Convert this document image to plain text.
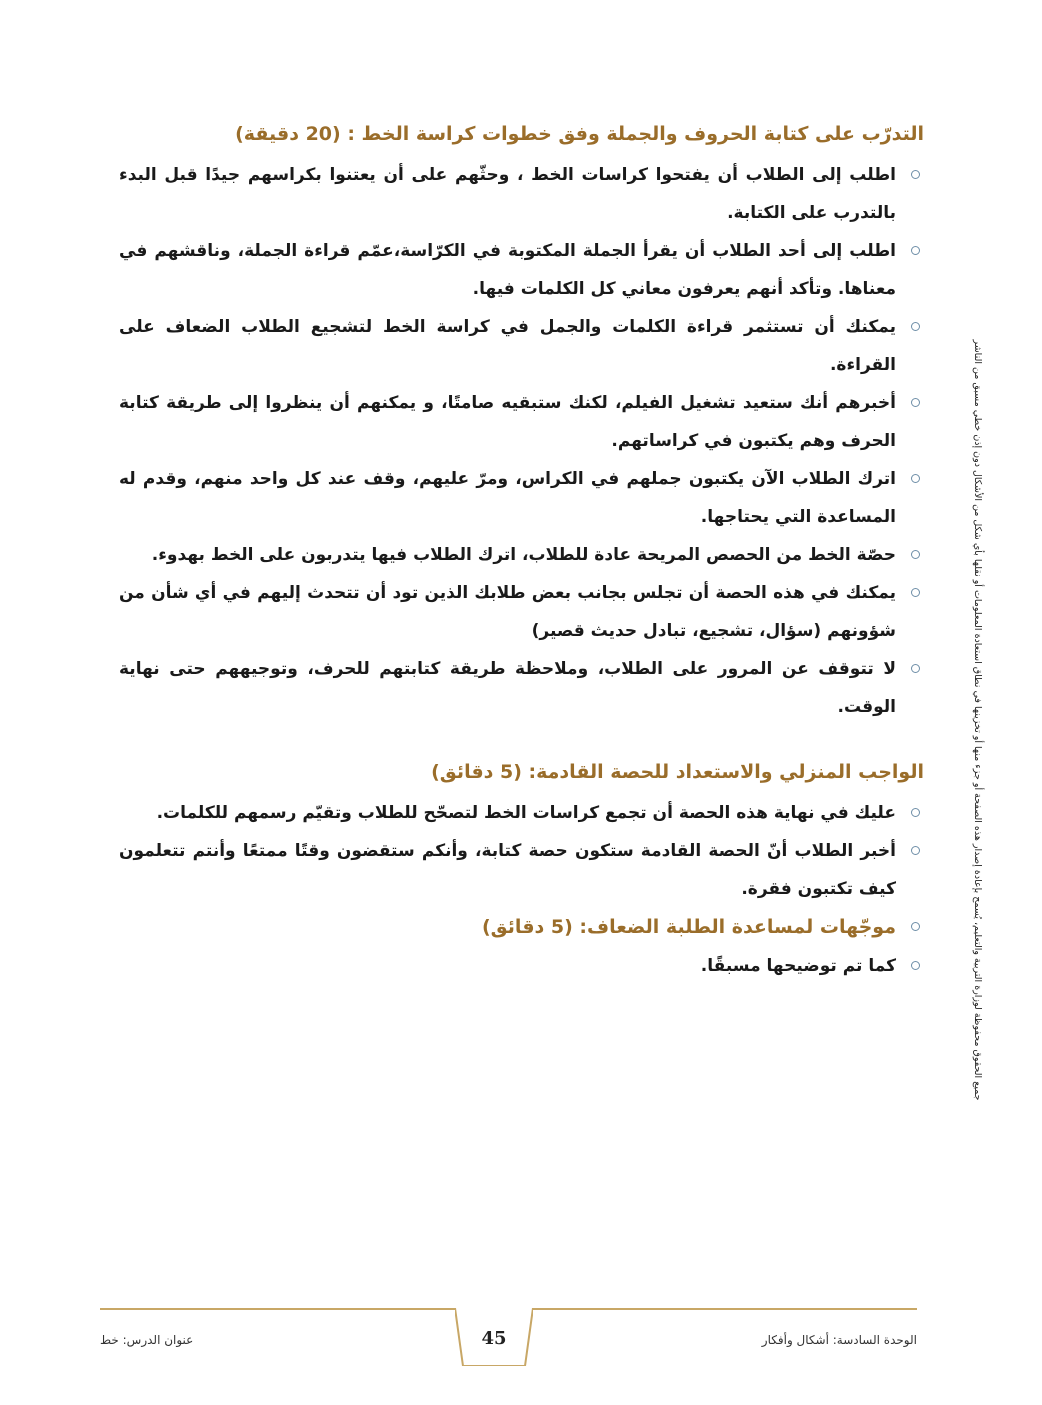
التدرّب على كتابة الحروف والجملة وفق خطوات كراسة الخط : (20 دقيقة)
اطلب إلى الطلاب أن يفتحوا كراسات الخط ، وحثّهم على أن يعتنوا بكراسهم جيدًا قبل البدء بالتدرب على الكتابة.
اطلب إلى أحد الطلاب أن يقرأ الجملة المكتوبة في الكرّاسة،عمّم قراءة الجملة، وناقشهم في معناها. وتأكد أنهم يعرفون معاني كل الكلمات فيها.
يمكنك أن تستثمر قراءة الكلمات والجمل في كراسة الخط لتشجيع الطلاب الضعاف على القراءة.
أخبرهم أنك ستعيد تشغيل الفيلم، لكنك ستبقيه صامتًا، و يمكنهم أن ينظروا إلى طريقة كتابة الحرف وهم يكتبون في كراساتهم.
اترك الطلاب الآن يكتبون جملهم في الكراس، ومرّ عليهم، وقف عند كل واحد منهم، وقدم له المساعدة التي يحتاجها.
حصّة الخط من الحصص المريحة عادة للطلاب، اترك الطلاب فيها يتدربون على الخط بهدوء.
يمكنك في هذه الحصة أن تجلس بجانب بعض طلابك الذين تود أن تتحدث إليهم في أي شأن من شؤونهم (سؤال، تشجيع، تبادل حديث قصير)
لا تتوقف عن المرور على الطلاب، وملاحظة طريقة كتابتهم للحرف، وتوجيههم حتى نهاية الوقت.
الواجب المنزلي والاستعداد للحصة القادمة: (5 دقائق)
عليك في نهاية هذه الحصة أن تجمع كراسات الخط لتصحّح للطلاب وتقيّم رسمهم للكلمات.
أخبر الطلاب أنّ الحصة القادمة ستكون حصة كتابة، وأنكم ستقضون وقتًا ممتعًا وأنتم تتعلمون كيف تكتبون فقرة.
موجّهات لمساعدة الطلبة الضعاف: (5 دقائق)
كما تم توضيحها مسبقًا.	جميع الحقوق محفوظة لوزارة التربية والتعليم، يُسمح بإعادة إصدار هذه الصفحة أو جزء منها أو تخزينها في نطاق استعادة المعلومات أو نقلها بأي شكل من الأشكال دون إذن خطي مسبق من الناشر
45
عنوان الدرس: خط	الوحدة السادسة: أشكال وأفكار
